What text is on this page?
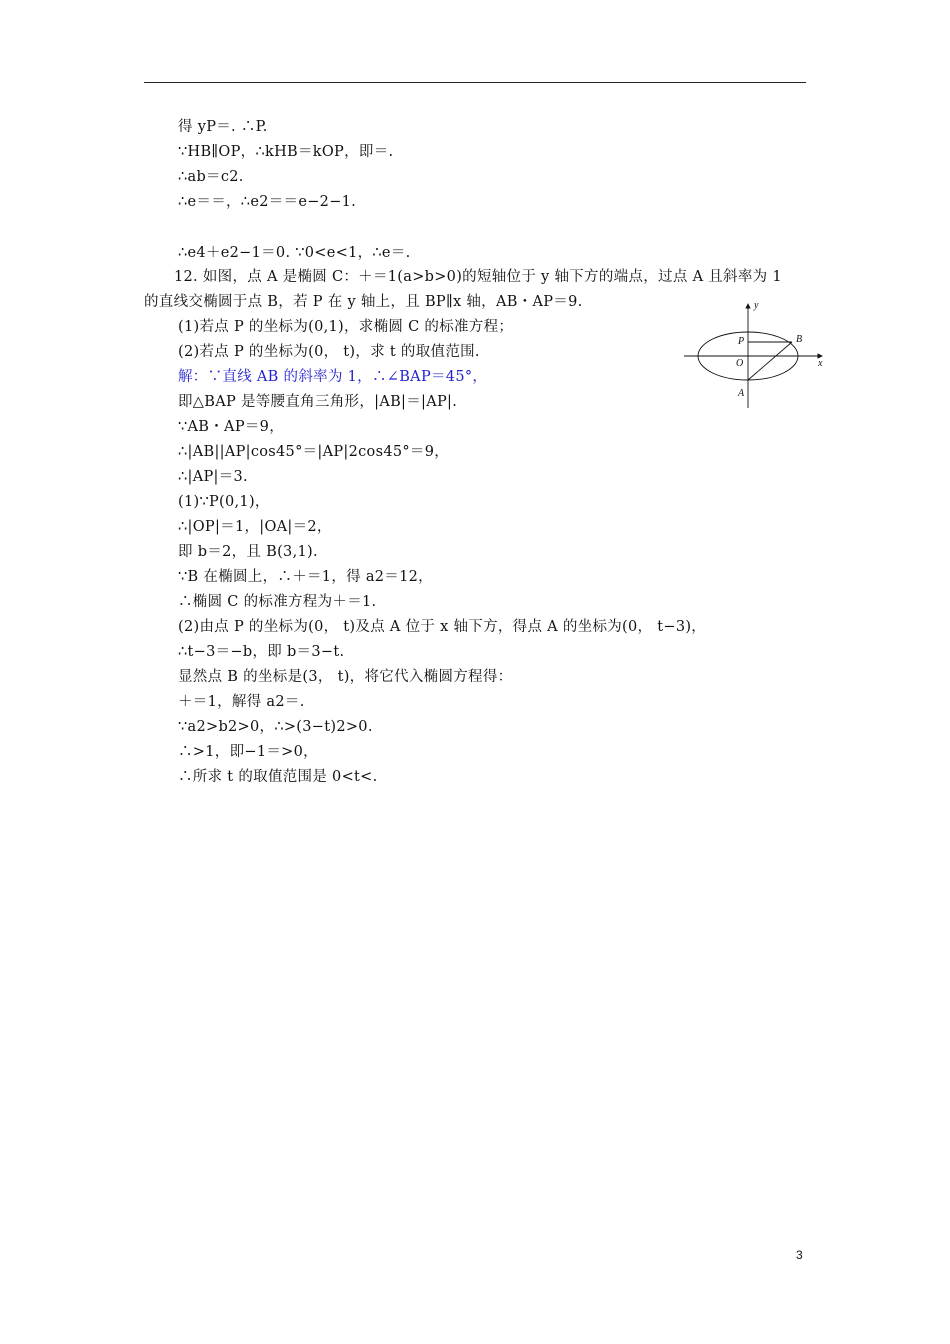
得 yP＝. ∴P.
∵HB∥OP，∴kHB＝kOP，即＝.
∴ab＝c2.
∴e＝＝，∴e2＝＝e−2−1.
∴e4＋e2−1＝0. ∵0<e<1，∴e＝.
12. 如图，点 A 是椭圆 C：＋＝1(a>b>0)的短轴位于 y 轴下方的端点，过点 A 且斜率为 1
的直线交椭圆于点 B，若 P 在 y 轴上，且 BP∥x 轴，AB・AP＝9.
(1)若点 P 的坐标为(0,1)，求椭圆 C 的标准方程；
(2)若点 P 的坐标为(0， t)，求 t 的取值范围.
解：∵直线 AB 的斜率为 1，∴∠BAP＝45°，
即△BAP 是等腰直角三角形，|AB|＝|AP|.
∵AB・AP＝9，
∴|AB||AP|cos45°＝|AP|2cos45°＝9，
∴|AP|＝3.
(1)∵P(0,1)，
∴|OP|＝1，|OA|＝2，
即 b＝2，且 B(3,1).
∵B 在椭圆上，∴＋＝1，得 a2＝12，
∴椭圆 C 的标准方程为＋＝1.
(2)由点 P 的坐标为(0， t)及点 A 位于 x 轴下方，得点 A 的坐标为(0， t−3)，
∴t−3＝−b，即 b＝3−t.
显然点 B 的坐标是(3， t)，将它代入椭圆方程得：
＋＝1，解得 a2＝.
∵a2>b2>0，∴>(3−t)2>0.
∴>1，即−1＝>0，
∴所求 t 的取值范围是 0<t<.
y
x
P	B
O
A
3
